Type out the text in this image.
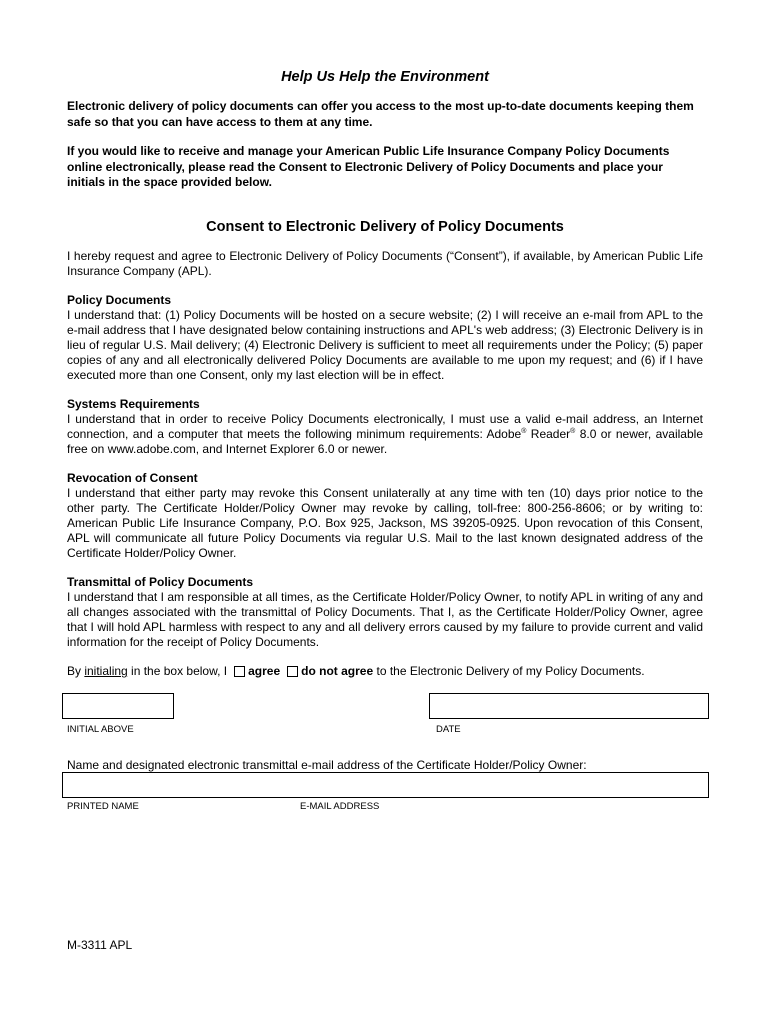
Help Us Help the Environment
Electronic delivery of policy documents can offer you access to the most up-to-date documents keeping them safe so that you can have access to them at any time.
If you would like to receive and manage your American Public Life Insurance Company Policy Documents online electronically, please read the Consent to Electronic Delivery of Policy Documents and place your initials in the space provided below.
Consent to Electronic Delivery of Policy Documents
I hereby request and agree to Electronic Delivery of Policy Documents (“Consent”), if available, by American Public Life Insurance Company (APL).
Policy Documents
I understand that: (1) Policy Documents will be hosted on a secure website; (2) I will receive an e-mail from APL to the e-mail address that I have designated below containing instructions and APL's web address; (3) Electronic Delivery is in lieu of regular U.S. Mail delivery; (4) Electronic Delivery is sufficient to meet all requirements under the Policy; (5) paper copies of any and all electronically delivered Policy Documents are available to me upon my request; and (6) if I have executed more than one Consent, only my last election will be in effect.
Systems Requirements
I understand that in order to receive Policy Documents electronically, I must use a valid e-mail address, an Internet connection, and a computer that meets the following minimum requirements: Adobe® Reader® 8.0 or newer, available free on www.adobe.com, and Internet Explorer 6.0 or newer.
Revocation of Consent
I understand that either party may revoke this Consent unilaterally at any time with ten (10) days prior notice to the other party. The Certificate Holder/Policy Owner may revoke by calling, toll-free: 800-256-8606; or by writing to: American Public Life Insurance Company, P.O. Box 925, Jackson, MS 39205-0925. Upon revocation of this Consent, APL will communicate all future Policy Documents via regular U.S. Mail to the last known designated address of the Certificate Holder/Policy Owner.
Transmittal of Policy Documents
I understand that I am responsible at all times, as the Certificate Holder/Policy Owner, to notify APL in writing of any and all changes associated with the transmittal of Policy Documents. That I, as the Certificate Holder/Policy Owner, agree that I will hold APL harmless with respect to any and all delivery errors caused by my failure to provide current and valid information for the receipt of Policy Documents.
By initialing in the box below, I agree do not agree to the Electronic Delivery of my Policy Documents.
INITIAL ABOVE	DATE
Name and designated electronic transmittal e-mail address of the Certificate Holder/Policy Owner:
PRINTED NAME	E-MAIL ADDRESS
M-3311 APL
